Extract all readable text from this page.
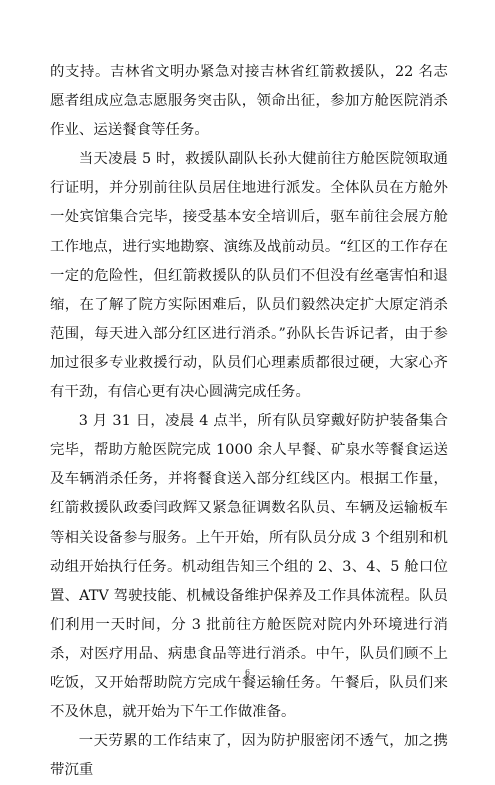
的支持。吉林省文明办紧急对接吉林省红箭救援队，22 名志愿者组成应急志愿服务突击队，领命出征，参加方舱医院消杀作业、运送餐食等任务。

当天凌晨 5 时，救援队副队长孙大健前往方舱医院领取通行证明，并分别前往队员居住地进行派发。全体队员在方舱外一处宾馆集合完毕，接受基本安全培训后，驱车前往会展方舱工作地点，进行实地勘察、演练及战前动员。“红区的工作存在一定的危险性，但红箭救援队的队员们不但没有丝毫害怕和退缩，在了解了院方实际困难后，队员们毅然决定扩大原定消杀范围，每天进入部分红区进行消杀。”孙队长告诉记者，由于参加过很多专业救援行动，队员们心理素质都很过硬，大家心齐有干劲，有信心更有决心圆满完成任务。

3 月 31 日，凌晨 4 点半，所有队员穿戴好防护装备集合完毕，帮助方舱医院完成 1000 余人早餐、矿泉水等餐食运送及车辆消杀任务，并将餐食送入部分红线区内。根据工作量，红箭救援队政委闫政辉又紧急征调数名队员、车辆及运输板车等相关设备参与服务。上午开始，所有队员分成 3 个组别和机动组开始执行任务。机动组告知三个组的 2、3、4、5 舱口位置、ATV 驾驶技能、机械设备维护保养及工作具体流程。队员们利用一天时间，分 3 批前往方舱医院对院内外环境进行消杀，对医疗用品、病患食品等进行消杀。中午，队员们顾不上吃饭，又开始帮助院方完成午餐运输任务。午餐后，队员们来不及休息，就开始为下午工作做准备。

一天劳累的工作结束了，因为防护服密闭不透气，加之携带沉重

6
